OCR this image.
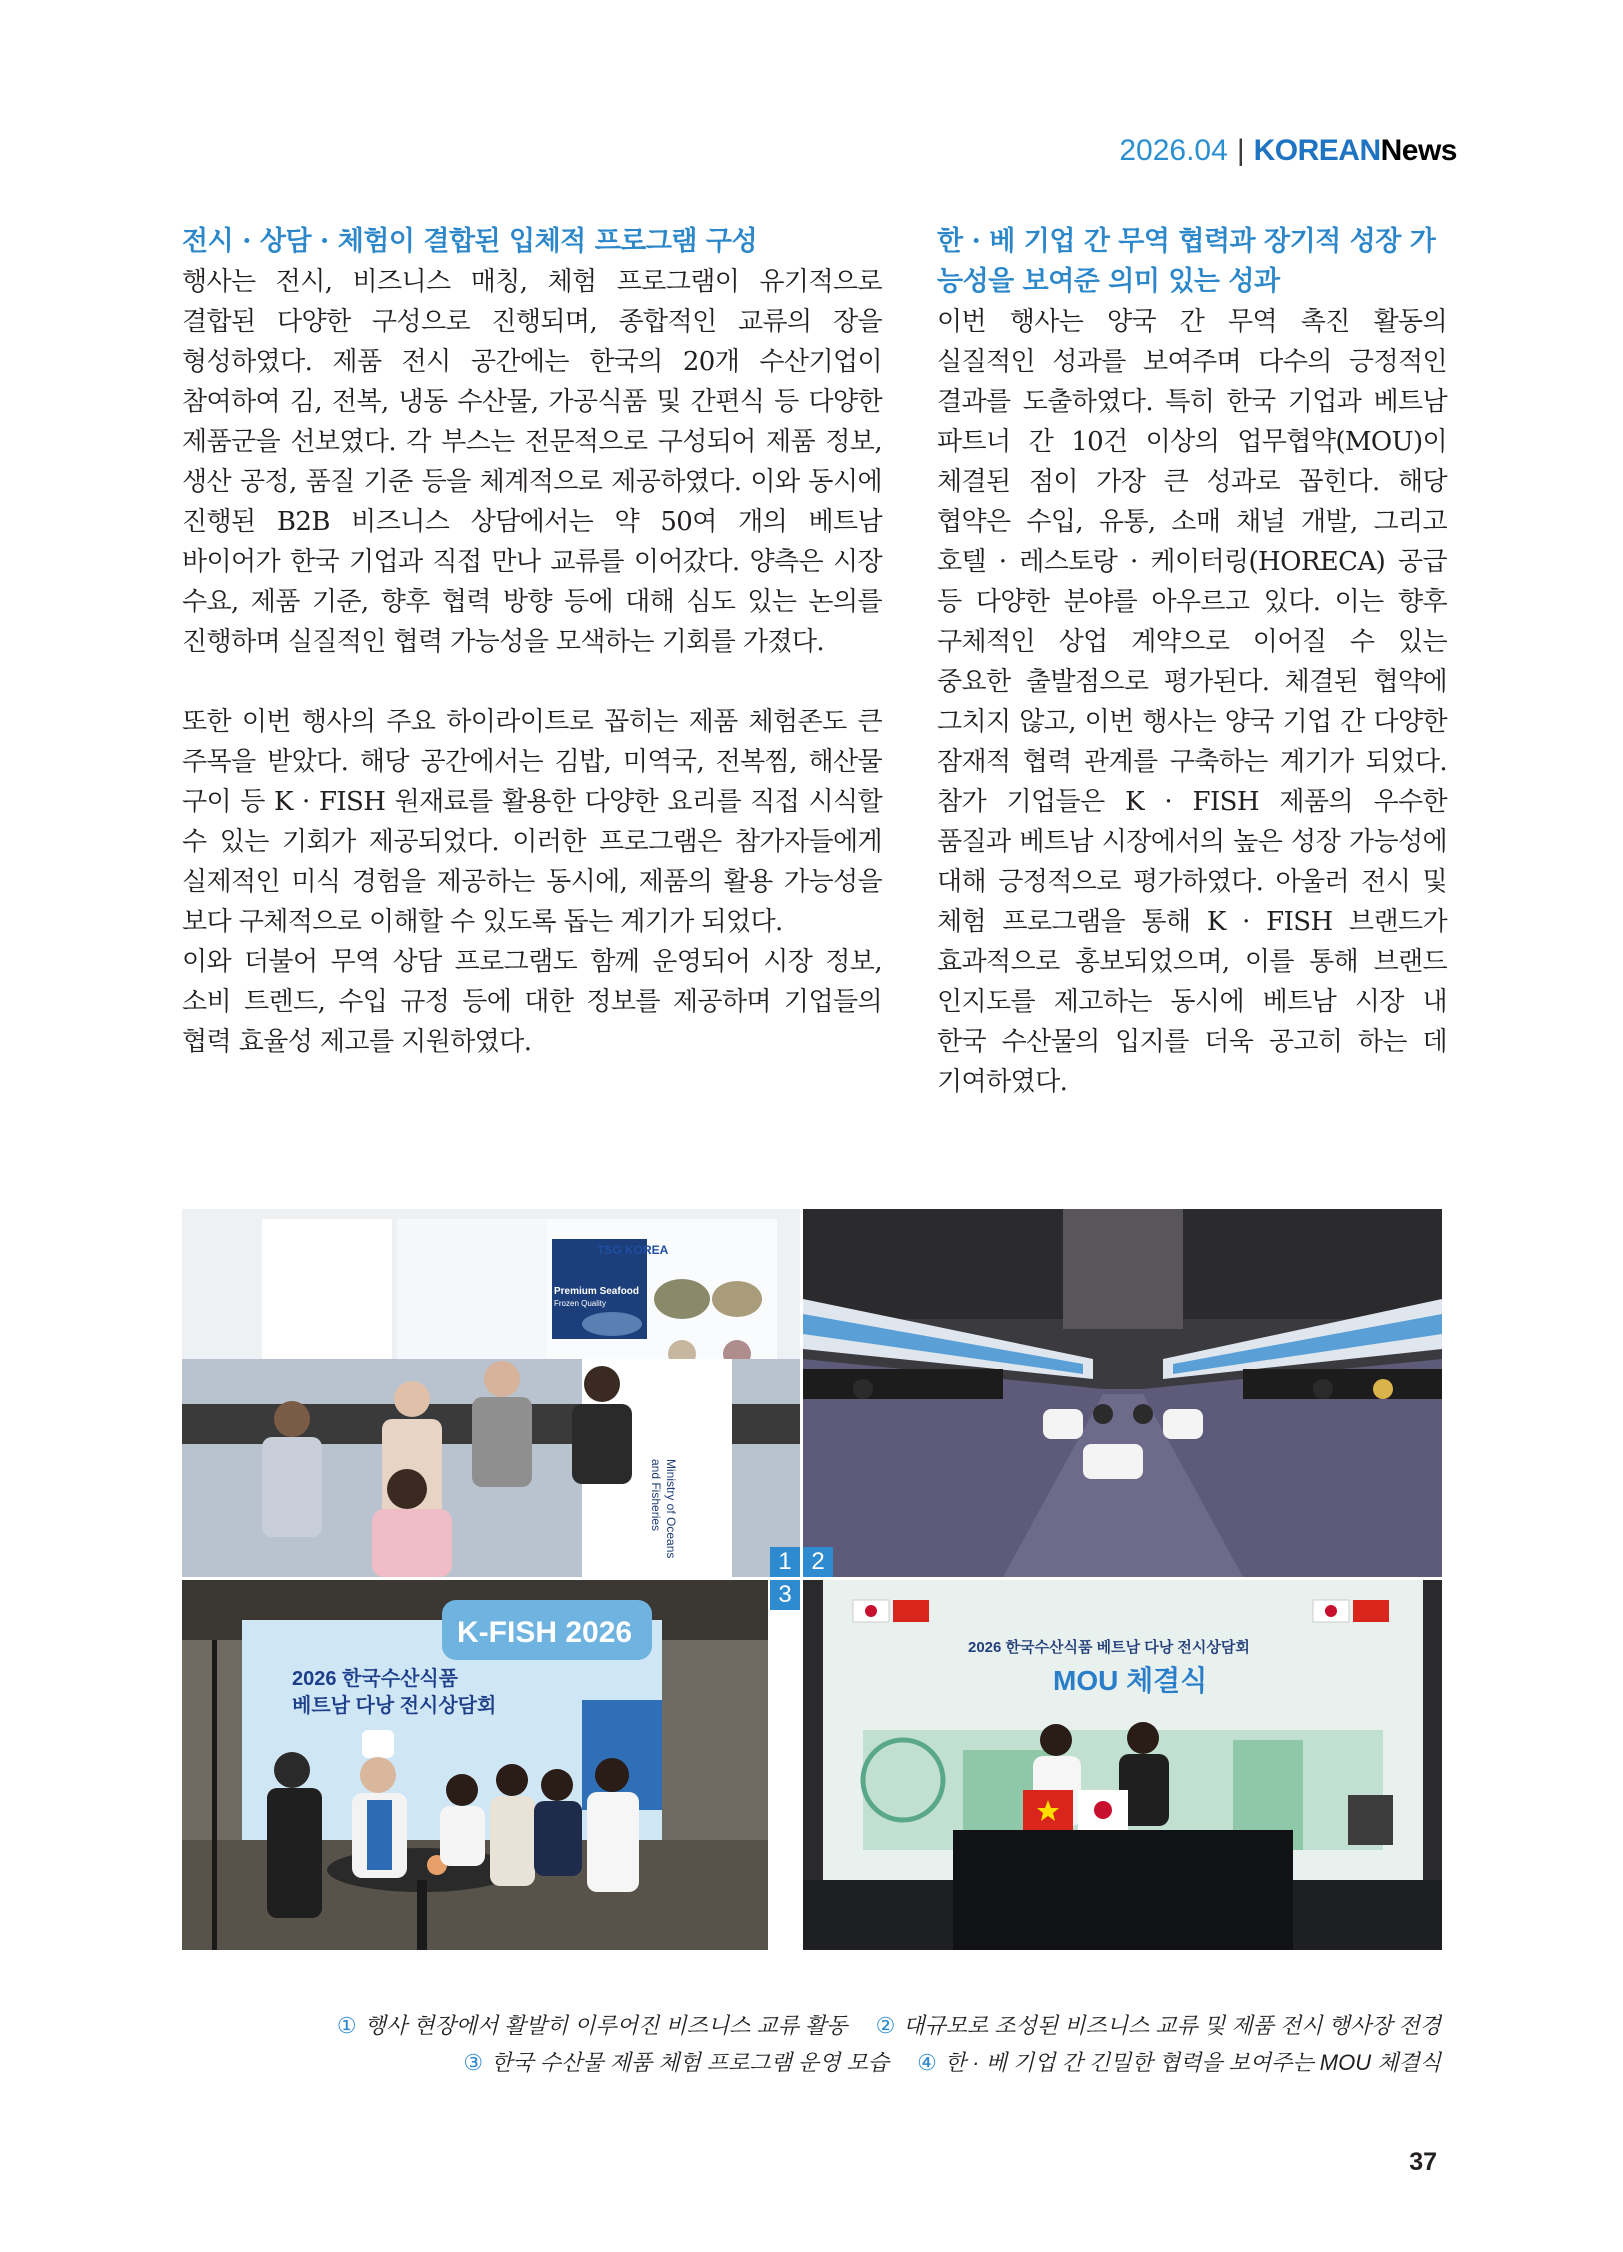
2026.04 | KOREANNews
전시 · 상담 · 체험이 결합된 입체적 프로그램 구성

행사는 전시, 비즈니스 매칭, 체험 프로그램이 유기적으로 결합된 다양한 구성으로 진행되며, 종합적인 교류의 장을 형성하였다. 제품 전시 공간에는 한국의 20개 수산기업이 참여하여 김, 전복, 냉동 수산물, 가공식품 및 간편식 등 다양한 제품군을 선보였다. 각 부스는 전문적으로 구성되어 제품 정보, 생산 공정, 품질 기준 등을 체계적으로 제공하였다. 이와 동시에 진행된 B2B 비즈니스 상담에서는 약 50여 개의 베트남 바이어가 한국 기업과 직접 만나 교류를 이어갔다. 양측은 시장 수요, 제품 기준, 향후 협력 방향 등에 대해 심도 있는 논의를 진행하며 실질적인 협력 가능성을 모색하는 기회를 가졌다.

또한 이번 행사의 주요 하이라이트로 꼽히는 제품 체험존도 큰 주목을 받았다. 해당 공간에서는 김밥, 미역국, 전복찜, 해산물 구이 등 K · FISH 원재료를 활용한 다양한 요리를 직접 시식할 수 있는 기회가 제공되었다. 이러한 프로그램은 참가자들에게 실제적인 미식 경험을 제공하는 동시에, 제품의 활용 가능성을 보다 구체적으로 이해할 수 있도록 돕는 계기가 되었다.

이와 더불어 무역 상담 프로그램도 함께 운영되어 시장 정보, 소비 트렌드, 수입 규정 등에 대한 정보를 제공하며 기업들의 협력 효율성 제고를 지원하였다.

한 · 베 기업 간 무역 협력과 장기적 성장 가능성을 보여준 의미 있는 성과

이번 행사는 양국 간 무역 촉진 활동의 실질적인 성과를 보여주며 다수의 긍정적인 결과를 도출하였다. 특히 한국 기업과 베트남 파트너 간 10건 이상의 업무협약(MOU)이 체결된 점이 가장 큰 성과로 꼽힌다. 해당 협약은 수입, 유통, 소매 채널 개발, 그리고 호텔 · 레스토랑 · 케이터링(HORECA) 공급 등 다양한 분야를 아우르고 있다. 이는 향후 구체적인 상업 계약으로 이어질 수 있는 중요한 출발점으로 평가된다. 체결된 협약에 그치지 않고, 이번 행사는 양국 기업 간 다양한 잠재적 협력 관계를 구축하는 계기가 되었다. 참가 기업들은 K · FISH 제품의 우수한 품질과 베트남 시장에서의 높은 성장 가능성에 대해 긍정적으로 평가하였다. 아울러 전시 및 체험 프로그램을 통해 K · FISH 브랜드가 효과적으로 홍보되었으며, 이를 통해 브랜드 인지도를 제고하는 동시에 베트남 시장 내 한국 수산물의 입지를 더욱 공고히 하는 데 기여하였다.

TSG KOREA
Premium Seafood
Frozen Quality
Ministry of Oceans
and Fisheries
1 2
3
K-FISH 2026
2026 한국수산식품
베트남 다낭 전시상담회
2026 한국수산식품 베트남 다낭 전시상담회
MOU 체결식
① 행사 현장에서 활발히 이루어진 비즈니스 교류 활동 ② 대규모로 조성된 비즈니스 교류 및 제품 전시 행사장 전경
③ 한국 수산물 제품 체험 프로그램 운영 모습 ④ 한 · 베 기업 간 긴밀한 협력을 보여주는 MOU 체결식
37
